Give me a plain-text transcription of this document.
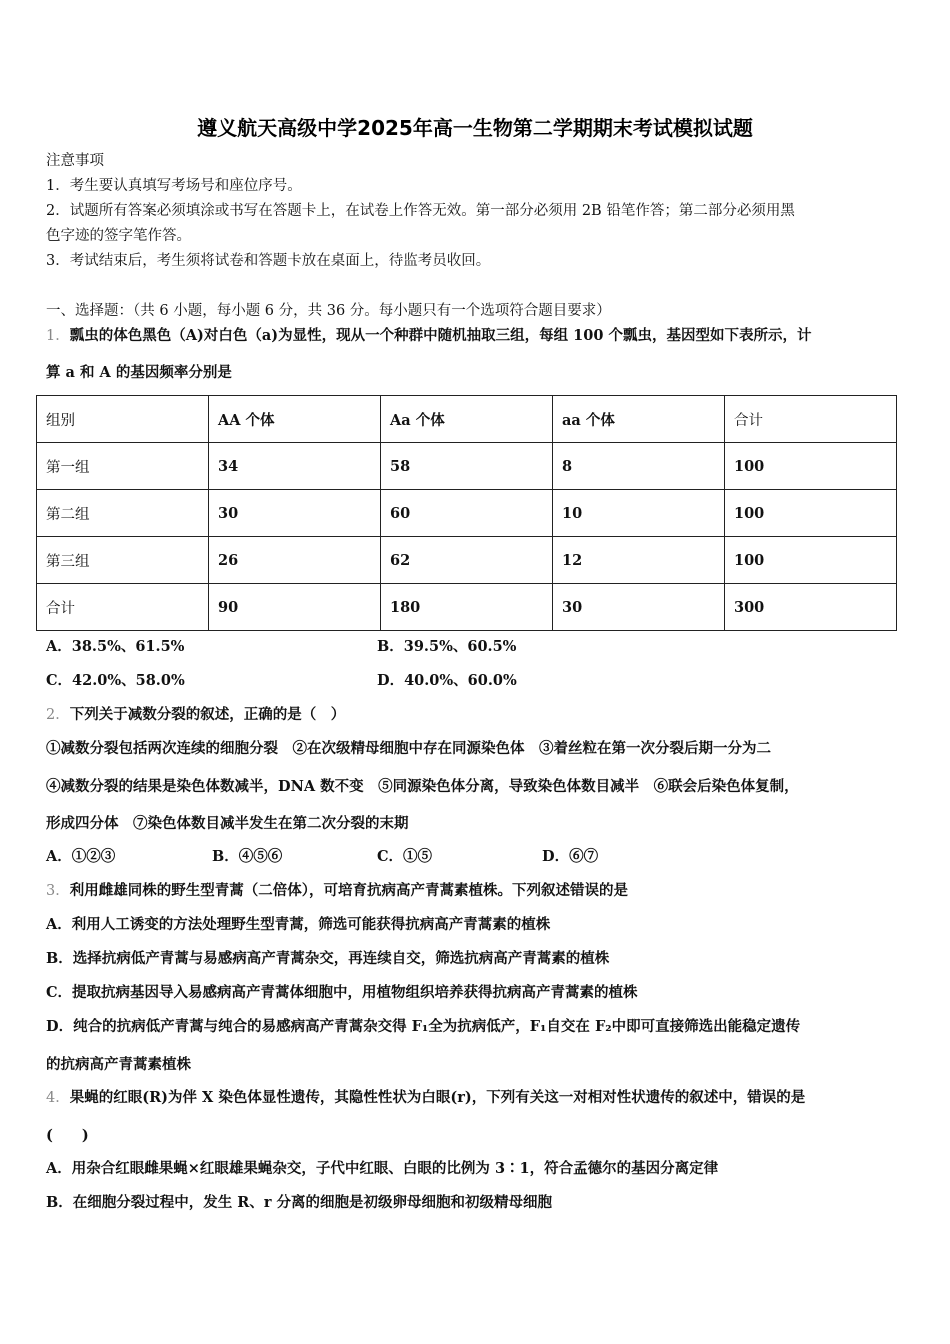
遵义航天高级中学2025年高一生物第二学期期末考试模拟试题
注意事项
1．考生要认真填写考场号和座位序号。
2．试题所有答案必须填涂或书写在答题卡上，在试卷上作答无效。第一部分必须用 2B 铅笔作答；第二部分必须用黑
色字迹的签字笔作答。
3．考试结束后，考生须将试卷和答题卡放在桌面上，待监考员收回。
一、选择题：（共 6 小题，每小题 6 分，共 36 分。每小题只有一个选项符合题目要求）
1．瓢虫的体色黑色（A)对白色（a)为显性，现从一个种群中随机抽取三组，每组 100 个瓢虫，基因型如下表所示，计
算 a 和 A 的基因频率分别是
组别	AA 个体	Aa 个体	aa 个体	合计
第一组	34	58	8	100
第二组	30	60	10	100
第三组	26	62	12	100
合计	90	180	30	300
A．38.5%、61.5%	B．39.5%、60.5%
C．42.0%、58.0%	D．40.0%、60.0%
2．下列关于减数分裂的叙述，正确的是（　）
①减数分裂包括两次连续的细胞分裂　②在次级精母细胞中存在同源染色体　③着丝粒在第一次分裂后期一分为二
④减数分裂的结果是染色体数减半，DNA 数不变　⑤同源染色体分离，导致染色体数目减半　⑥联会后染色体复制，
形成四分体　⑦染色体数目减半发生在第二次分裂的末期
A．①②③	B．④⑤⑥	C．①⑤	D．⑥⑦
3．利用雌雄同株的野生型青蒿（二倍体），可培育抗病高产青蒿素植株。下列叙述错误的是
A．利用人工诱变的方法处理野生型青蒿，筛选可能获得抗病高产青蒿素的植株
B．选择抗病低产青蒿与易感病高产青蒿杂交，再连续自交，筛选抗病高产青蒿素的植株
C．提取抗病基因导入易感病高产青蒿体细胞中，用植物组织培养获得抗病高产青蒿素的植株
D．纯合的抗病低产青蒿与纯合的易感病高产青蒿杂交得 F₁全为抗病低产，F₁自交在 F₂中即可直接筛选出能稳定遗传
的抗病高产青蒿素植株
4．果蝇的红眼(R)为伴 X 染色体显性遗传，其隐性性状为白眼(r)，下列有关这一对相对性状遗传的叙述中，错误的是
(　　)
A．用杂合红眼雌果蝇×红眼雄果蝇杂交，子代中红眼、白眼的比例为 3∶1，符合孟德尔的基因分离定律
B．在细胞分裂过程中，发生 R、r 分离的细胞是初级卵母细胞和初级精母细胞
